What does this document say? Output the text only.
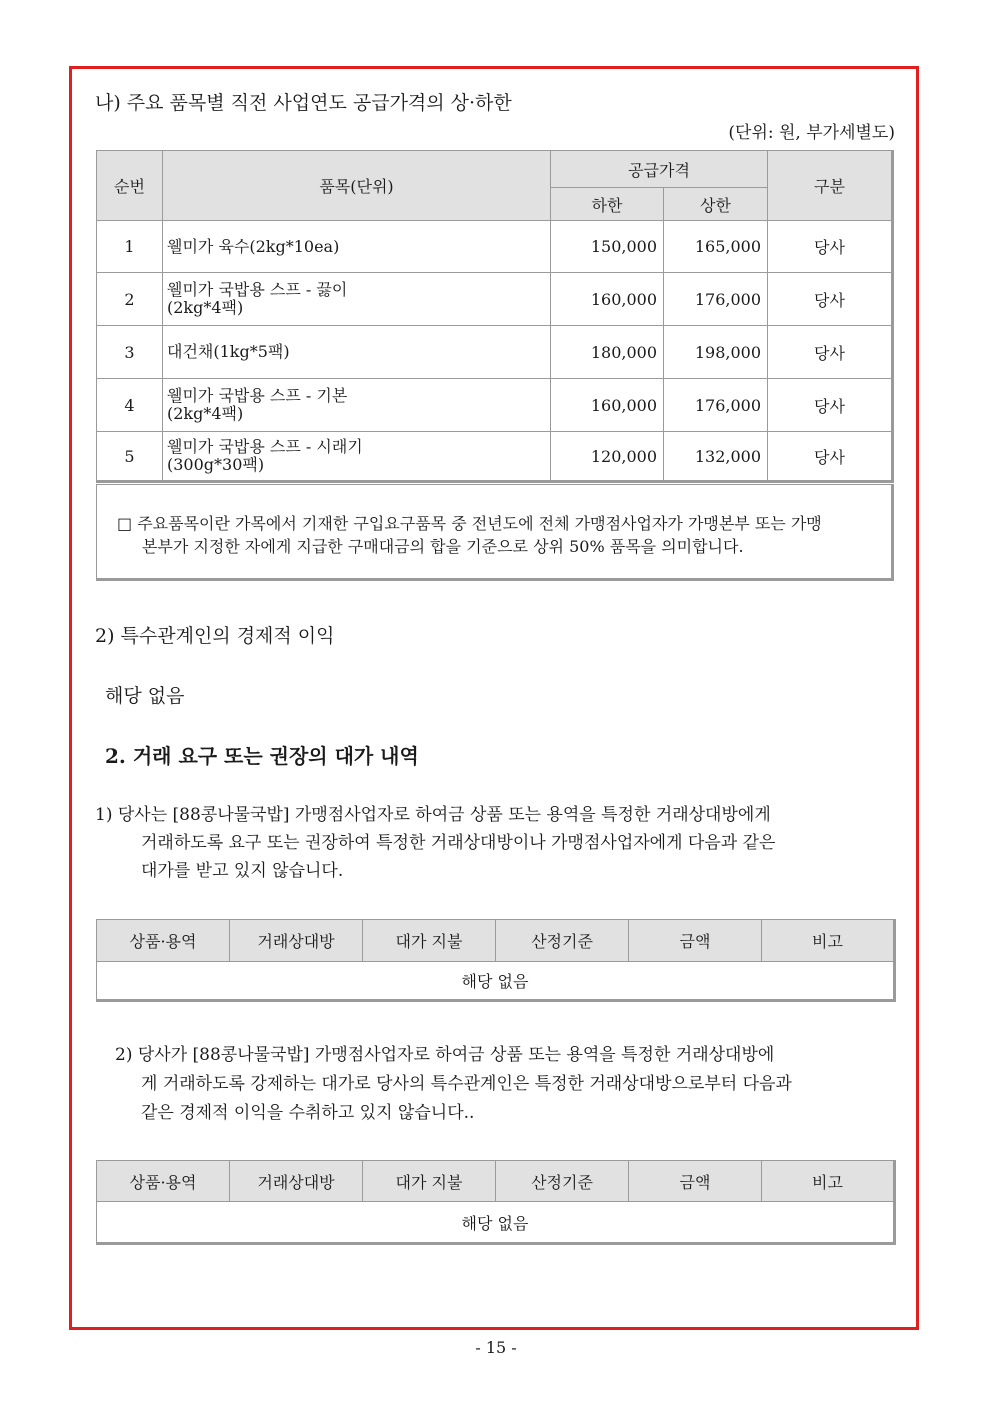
나) 주요 품목별 직전 사업연도 공급가격의 상·하한
(단위: 원, 부가세별도)
순번	품목(단위)	공급가격		구분
		하한	상한	
1	웰미가 육수(2kg*10ea)	150,000	165,000	당사
2	웰미가 국밥용 스프 - 끓이
(2kg*4팩)	160,000	176,000	당사
3	대건채(1kg*5팩)	180,000	198,000	당사
4	웰미가 국밥용 스프 - 기본
(2kg*4팩)	160,000	176,000	당사
5	웰미가 국밥용 스프 - 시래기
(300g*30팩)	120,000	132,000	당사
□ 주요품목이란 가목에서 기재한 구입요구품목 중 전년도에 전체 가맹점사업자가 가맹본부 또는 가맹
본부가 지정한 자에게 지급한 구매대금의 합을 기준으로 상위 50% 품목을 의미합니다.
2) 특수관계인의 경제적 이익
해당 없음
2. 거래 요구 또는 권장의 대가 내역
1) 당사는 [88콩나물국밥] 가맹점사업자로 하여금 상품 또는 용역을 특정한 거래상대방에게
거래하도록 요구 또는 권장하여 특정한 거래상대방이나 가맹점사업자에게 다음과 같은
대가를 받고 있지 않습니다.
상품·용역	거래상대방	대가 지불	산정기준	금액	비고
해당 없음
2) 당사가 [88콩나물국밥] 가맹점사업자로 하여금 상품 또는 용역을 특정한 거래상대방에
게 거래하도록 강제하는 대가로 당사의 특수관계인은 특정한 거래상대방으로부터 다음과
같은 경제적 이익을 수취하고 있지 않습니다..
상품·용역	거래상대방	대가 지불	산정기준	금액	비고
해당 없음
- 15 -
